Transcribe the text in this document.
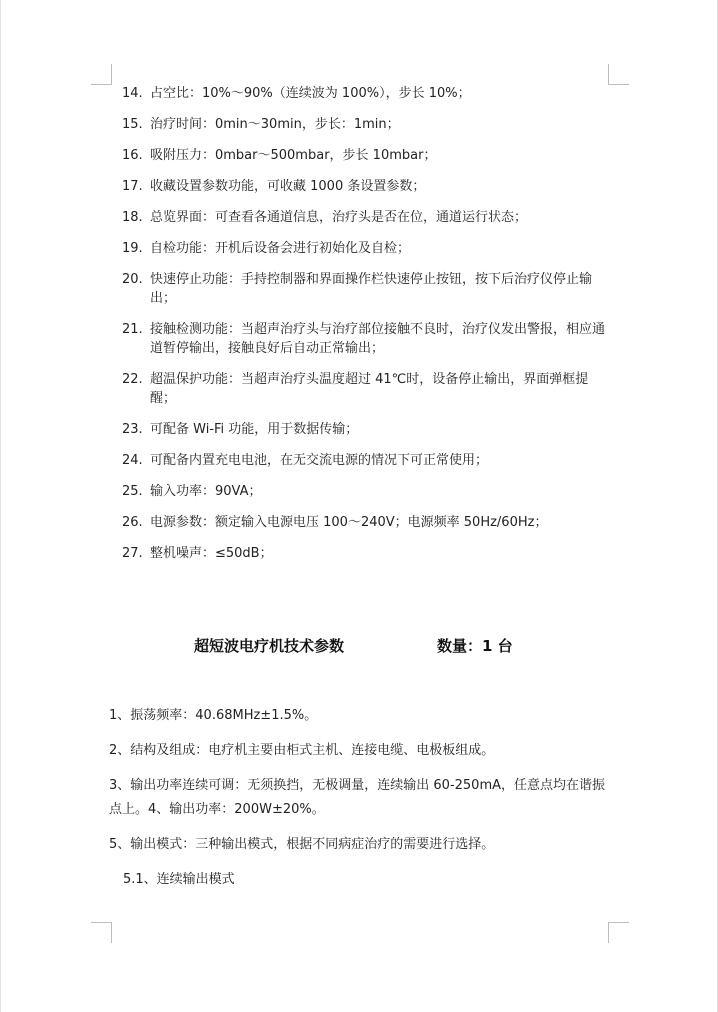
14. 占空比：10%～90%（连续波为 100%），步长 10%；
15. 治疗时间：0min～30min，步长：1min；
16. 吸附压力：0mbar～500mbar，步长 10mbar；
17. 收藏设置参数功能，可收藏 1000 条设置参数；
18. 总览界面：可查看各通道信息，治疗头是否在位，通道运行状态；
19. 自检功能：开机后设备会进行初始化及自检；
20. 快速停止功能：手持控制器和界面操作栏快速停止按钮，按下后治疗仪停止输出；
21. 接触检测功能：当超声治疗头与治疗部位接触不良时，治疗仪发出警报，相应通道暂停输出，接触良好后自动正常输出；
22. 超温保护功能：当超声治疗头温度超过 41℃时，设备停止输出，界面弹框提醒；
23. 可配备 Wi-Fi 功能，用于数据传输；
24. 可配备内置充电电池，在无交流电源的情况下可正常使用；
25. 输入功率：90VA；
26. 电源参数：额定输入电源电压 100～240V；电源频率 50Hz/60Hz；
27. 整机噪声：≤50dB；
超短波电疗机技术参数	数量：1 台
1、振荡频率：40.68MHz±1.5%。
2、结构及组成：电疗机主要由柜式主机、连接电缆、电极板组成。
3、输出功率连续可调：无须换挡，无极调量，连续输出 60-250mA，任意点均在谐振点上。4、输出功率：200W±20%。
5、输出模式：三种输出模式，根据不同病症治疗的需要进行选择。
5.1、连续输出模式
